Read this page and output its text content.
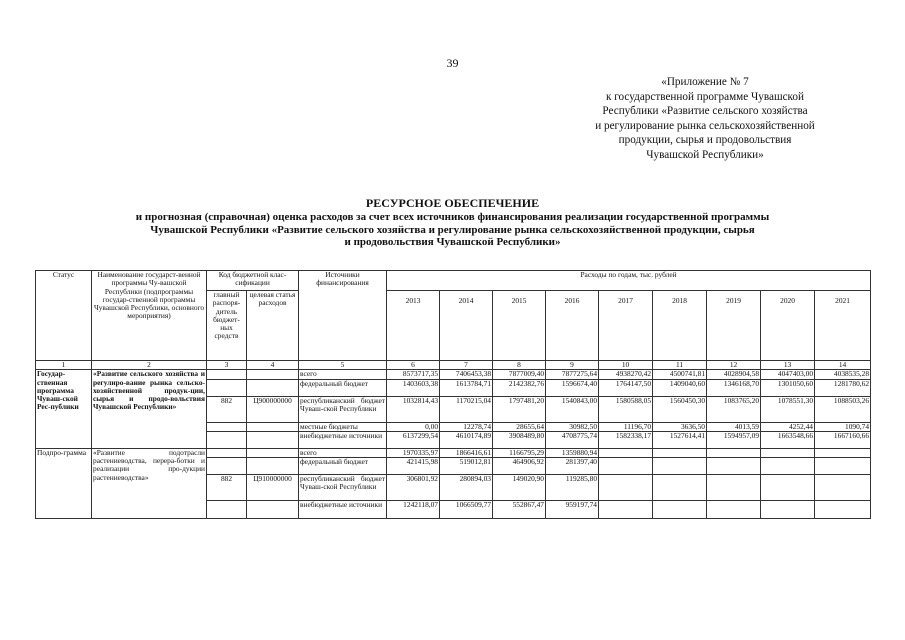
39
«Приложение № 7
к государственной программе Чувашской
Республики «Развитие сельского хозяйства
и регулирование рынка сельскохозяйственной
продукции, сырья и продовольствия
Чувашской Республики»
РЕСУРСНОЕ ОБЕСПЕЧЕНИЕ
и прогнозная (справочная) оценка расходов за счет всех источников финансирования реализации государственной программы
Чувашской Республики «Развитие сельского хозяйства и регулирование рынка сельскохозяйственной продукции, сырья
и продовольствия Чувашской Республики»
Статус	Наименование государст-венной программы Чу-вашской Республики (подпрограммы государ-ственной программы Чувашской Республики, основного мероприятия)	Код бюджетной клас-сификации		Источники финансирования	Расходы по годам, тыс. рублей								
		главный распоря-дитель бюджет-ных средств	целевая статья расходов		2013	2014	2015	2016	2017	2018	2019	2020	2021

1	2	3	4	5	6	7	8	9	10	11	12	13	14
Государ-ственная программа Чуваш-ской Рес-публики	«Развитие сельского хозяйства и регулиро-вание рынка сельско-хозяйственной продук-ции, сырья и продо-вольствия Чувашской Республики»			всего	8573717,35	7406453,38	7877009,40	7877275,64	4938270,42	4500741,81	4028904,58	4047403,00	4038535,28
				федеральный бюджет	1403603,38	1613784,71	2142382,76	1596674,40	1764147,50	1409040,60	1346168,70	1301050,60	1281780,62
		882	Ц900000000	республиканский бюджет Чуваш-ской Республики	1032814,43	1170215,04	1797481,20	1540843,00	1580588,05	1560450,30	1083765,20	1078551,30	1088503,26
				местные бюджеты	0,00	12278,74	28655,64	30982,50	11196,70	3636,50	4013,59	4252,44	1090,74
				внебюджетные источники	6137299,54	4610174,89	3908489,80	4708775,74	1582338,17	1527614,41	1594957,09	1663548,66	1667160,66
Подпро-грамма	«Развитие подотрасли растениеводства, перера-ботки и реализации про-дукции растениеводства»			всего	1970335,97	1866416,61	1166795,29	1359880,94					
				федеральный бюджет	421415,98	519012,81	464906,92	281397,40					
		882	Ц910000000	республиканский бюджет Чуваш-ской Республики	306801,92	280894,03	149020,90	119285,80					
				внебюджетные источники	1242118,07	1066509,77	552867,47	959197,74					
